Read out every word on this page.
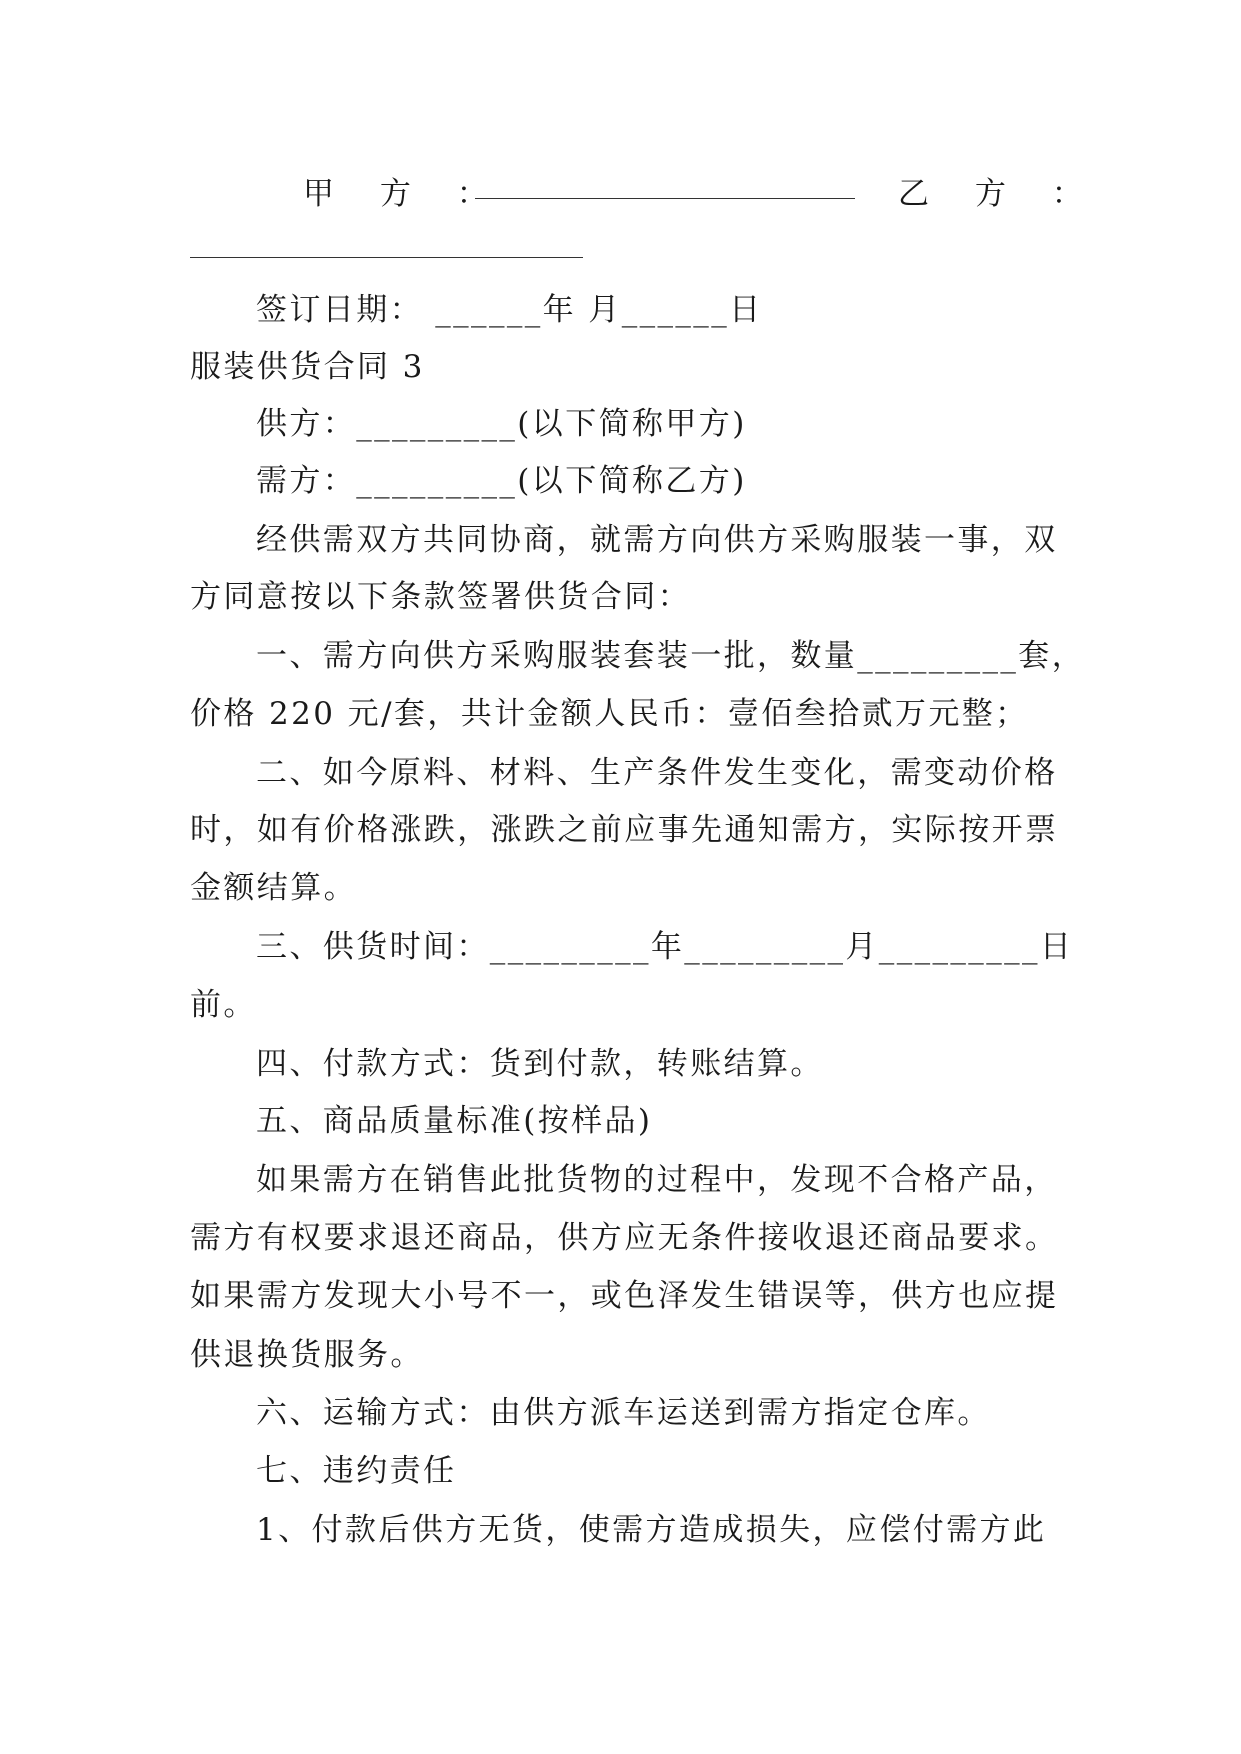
甲 方 ：	乙 方 ：
签订日期： ______年 月______日
服装供货合同 3
供方：_________(以下简称甲方)
需方：_________(以下简称乙方)
经供需双方共同协商，就需方向供方采购服装一事，双
方同意按以下条款签署供货合同：
一、需方向供方采购服装套装一批，数量_________套，
价格 220 元/套，共计金额人民币：壹佰叁拾贰万元整；
二、如今原料、材料、生产条件发生变化，需变动价格
时，如有价格涨跌，涨跌之前应事先通知需方，实际按开票
金额结算。
三、供货时间：_________年_________月_________日
前。
四、付款方式：货到付款，转账结算。
五、商品质量标准(按样品)
如果需方在销售此批货物的过程中，发现不合格产品，
需方有权要求退还商品，供方应无条件接收退还商品要求。
如果需方发现大小号不一，或色泽发生错误等，供方也应提
供退换货服务。
六、运输方式：由供方派车运送到需方指定仓库。
七、违约责任
1、付款后供方无货，使需方造成损失，应偿付需方此
